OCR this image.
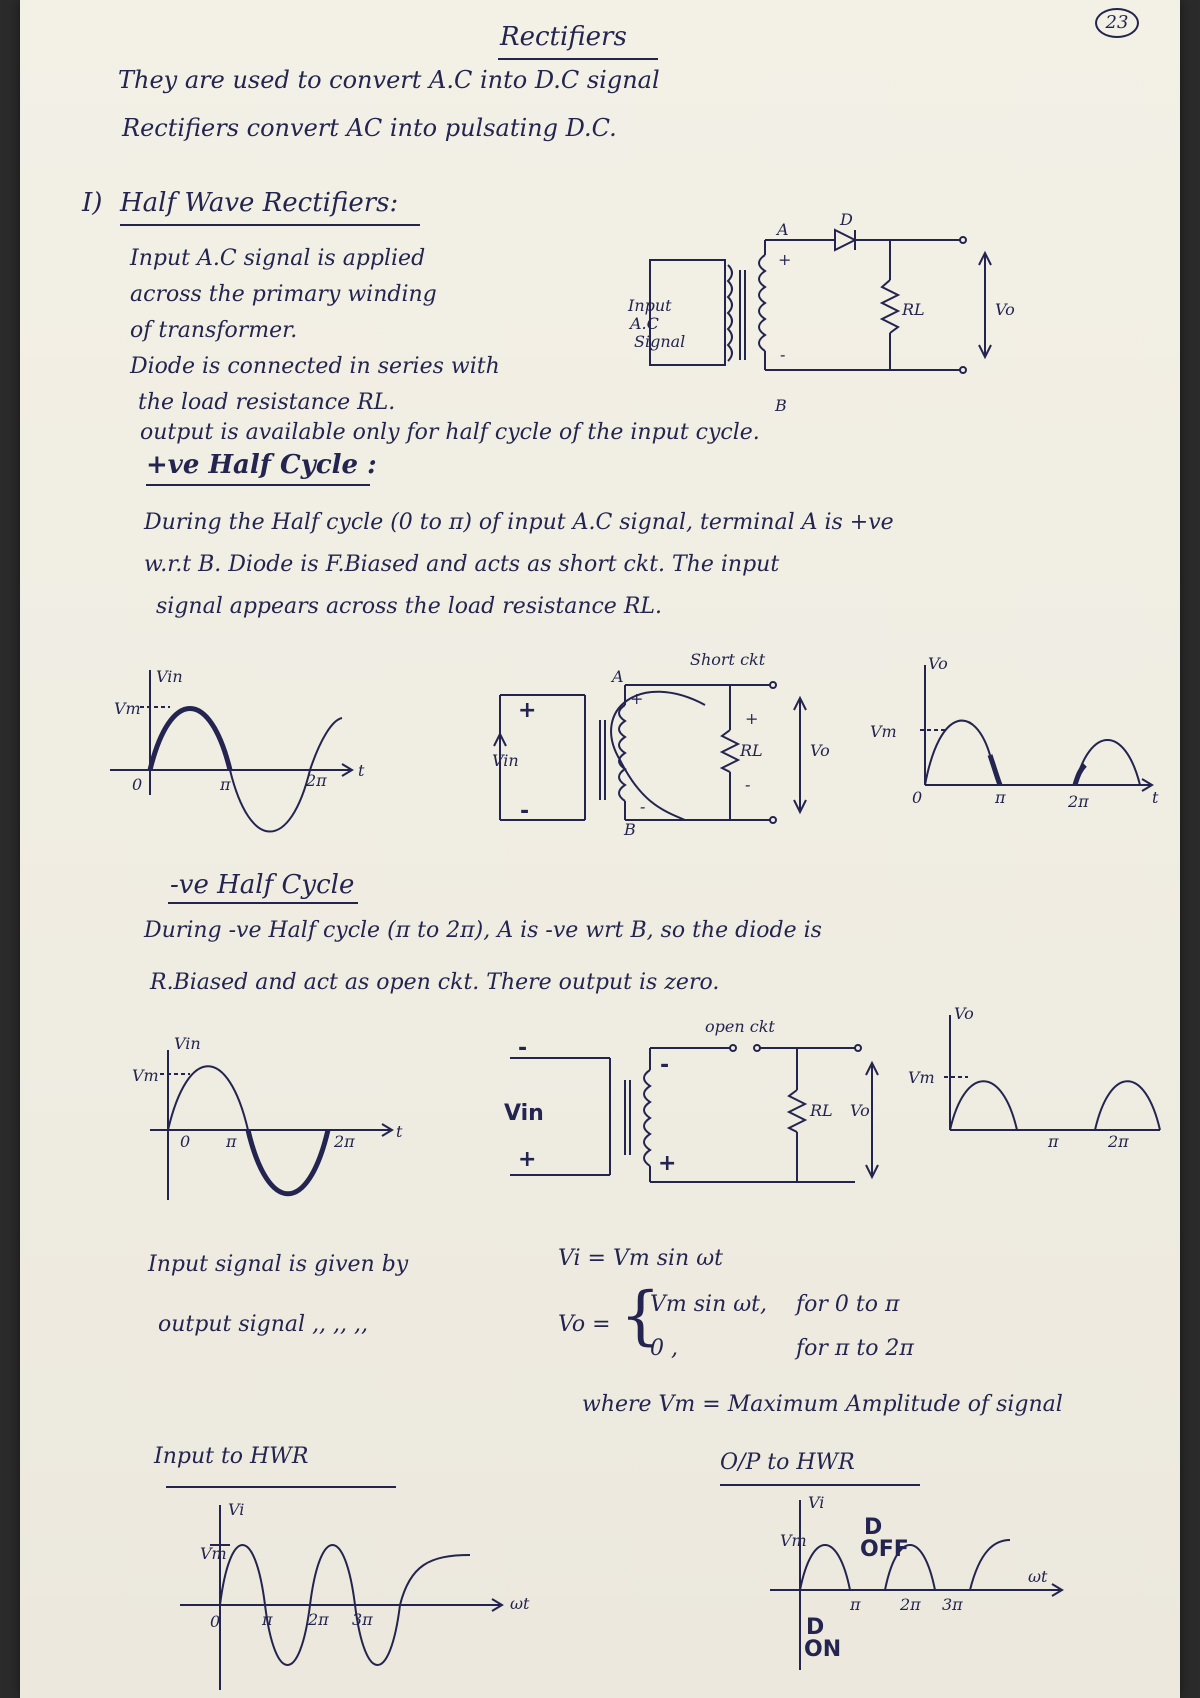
23
Rectifiers
They are used to convert A.C into D.C signal
Rectifiers convert AC into pulsating D.C.
I) Half Wave Rectifiers:
Input A.C signal is applied
across the primary winding
of transformer.
Diode is connected in series with
the load resistance RL.
output is available only for half cycle of the input cycle.
A
B
D
+
-
RL	Vo
Input
A.C
Signal
+ve Half Cycle :
During the Half cycle (0 to π) of input A.C signal, terminal A is +ve
w.r.t B. Diode is F.Biased and acts as short ckt. The input
signal appears across the load resistance RL.
Vin
Vm
0	π	2π
t
Short ckt
A
B
+
+
-	-
+
-
Vin
RL	Vo
Vo
Vm
0	π	2π	t
-ve Half Cycle
During -ve Half cycle (π to 2π), A is -ve wrt B, so the diode is
R.Biased and act as open ckt. There output is zero.
Vin
Vm
0 π	2π
t
open ckt
-
+
-
+
Vin	RL Vo
Vo
Vm
π	2π
Input signal is given by	Vi = Vm sin ωt
output signal ,, ,, ,,	Vo = {
Vm sin ωt, for 0 to π
0 ,	for π to 2π
where Vm = Maximum Amplitude of signal
Input to HWR
Vi
Vm
0	π 2π 3π
ωt
O/P to HWR
Vi
Vm
π 2π 3π
ωt
D
OFF
D
ON
